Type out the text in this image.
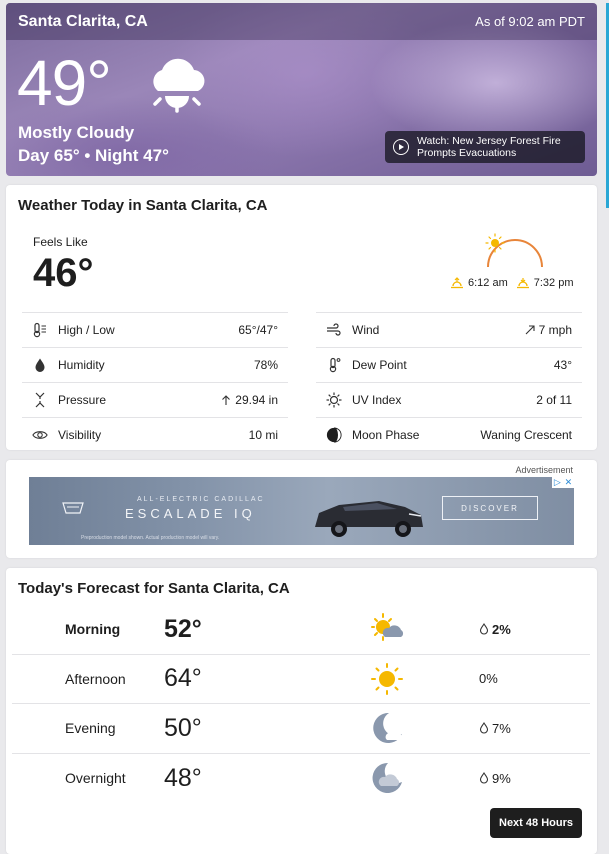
Santa Clarita, CA	As of 9:02 am PDT
49°
Mostly Cloudy
Day 65° • Night 47°
Watch: New Jersey Forest Fire
Prompts Evacuations
Weather Today in Santa Clarita, CA
Feels Like
46°	6:12 am 7:32 pm
High / Low	65°/47°	Wind	7 mph
Humidity	78%	Dew Point	43°
Pressure	29.94 in	UV Index	2 of 11
Visibility	10 mi	Moon Phase	Waning Crescent
Advertisement
ALL-ELECTRIC CADILLAC
ESCALADE IQ	DISCOVER
Preproduction model shown. Actual production model will vary.
▷ ✕
Today's Forecast for Santa Clarita, CA
Morning	52°	2%
Afternoon	64°	0%
Evening	50°	7%
Overnight	48°	9%
Next 48 Hours
